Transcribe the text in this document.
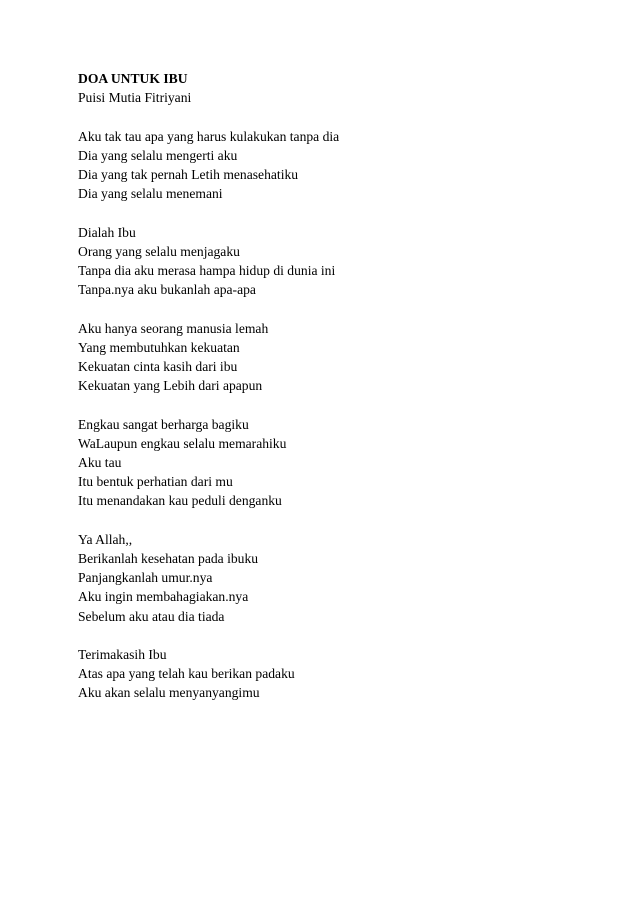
DOA UNTUK IBU
Puisi Mutia Fitriyani
Aku tak tau apa yang harus kulakukan tanpa dia
Dia yang selalu mengerti aku
Dia yang tak pernah Letih menasehatiku
Dia yang selalu menemani
Dialah Ibu
Orang yang selalu menjagaku
Tanpa dia aku merasa hampa hidup di dunia ini
Tanpa.nya aku bukanlah apa-apa
Aku hanya seorang manusia lemah
Yang membutuhkan kekuatan
Kekuatan cinta kasih dari ibu
Kekuatan yang Lebih dari apapun
Engkau sangat berharga bagiku
WaLaupun engkau selalu memarahiku
Aku tau
Itu bentuk perhatian dari mu
Itu menandakan kau peduli denganku
Ya Allah,,
Berikanlah kesehatan pada ibuku
Panjangkanlah umur.nya
Aku ingin membahagiakan.nya
Sebelum aku atau dia tiada
Terimakasih Ibu
Atas apa yang telah kau berikan padaku
Aku akan selalu menyanyangimu
